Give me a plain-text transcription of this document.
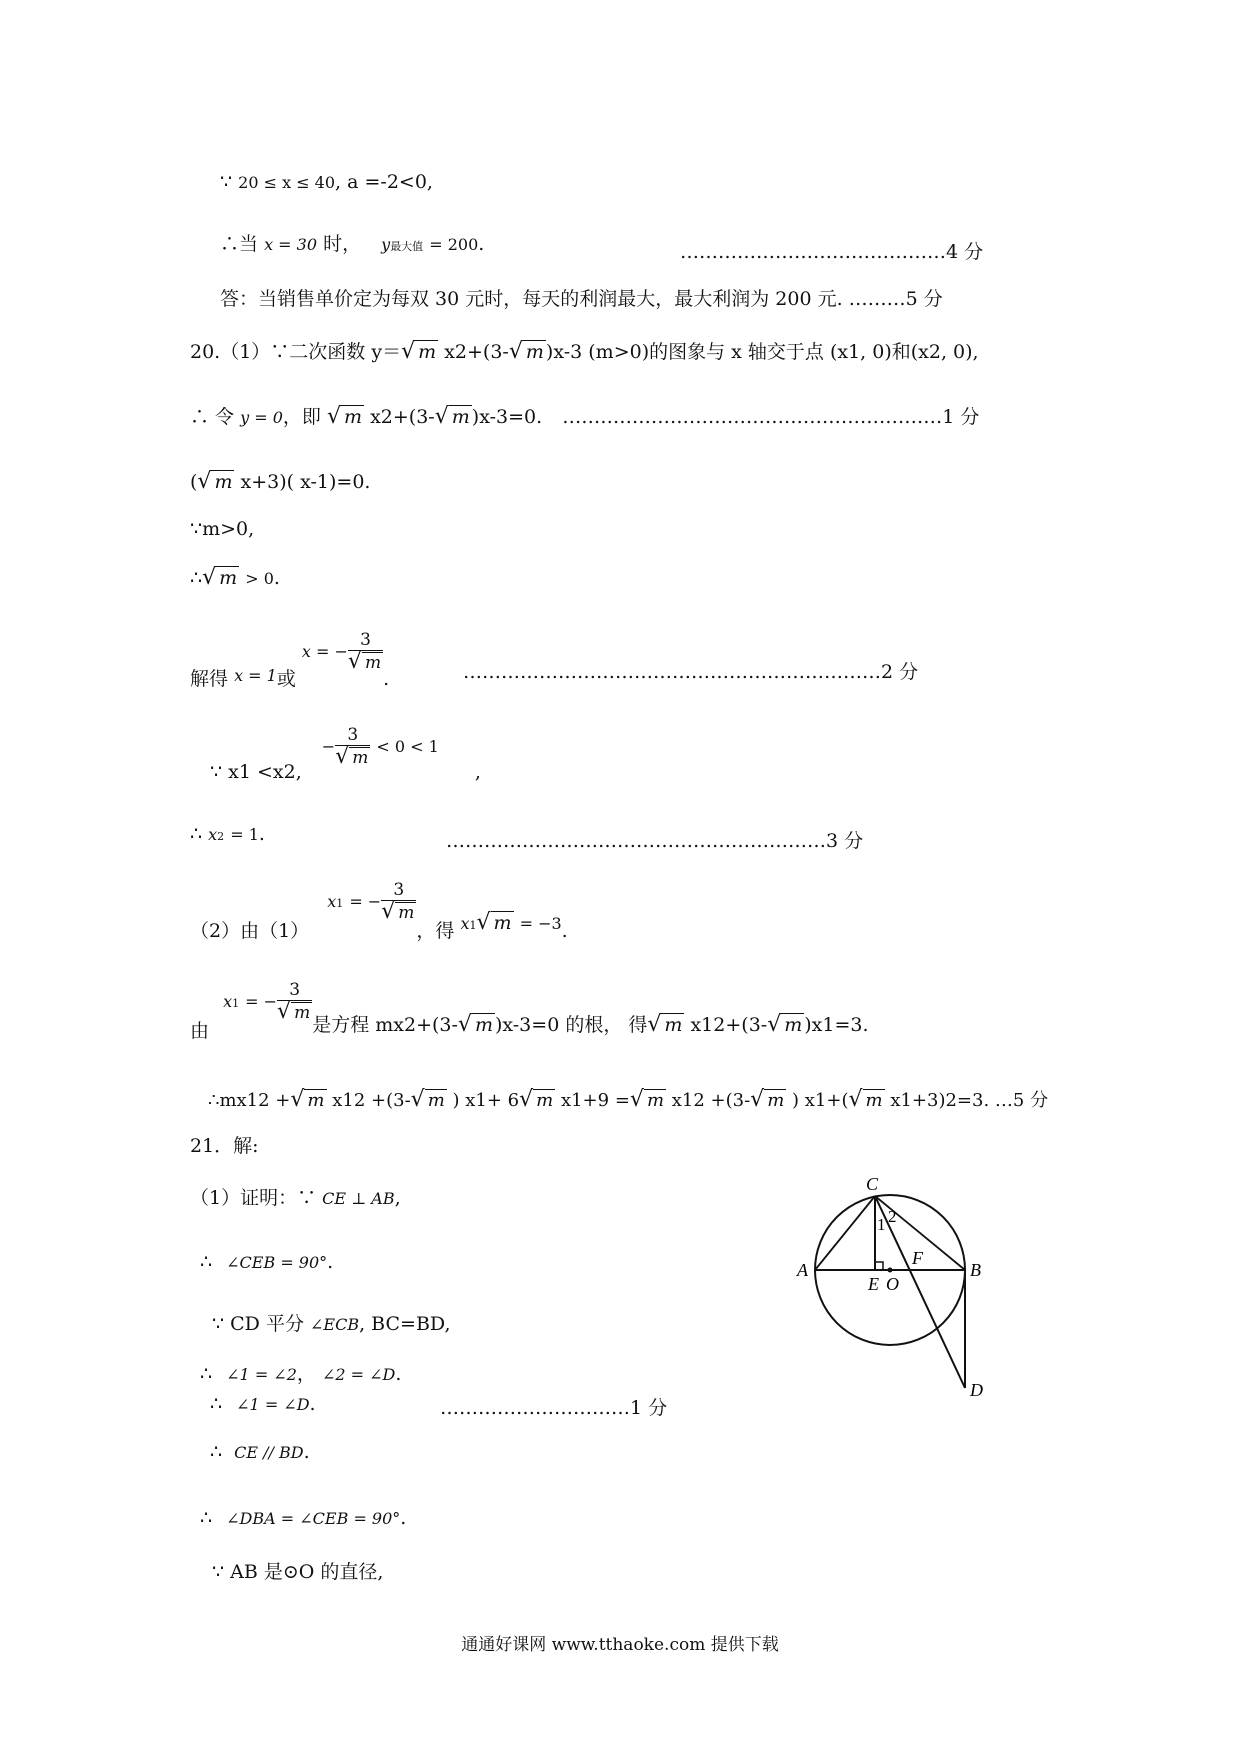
∵ 20 ≤ x ≤ 40, a =-2<0,
∴当 x = 30 时， y最大值 = 200.	……………………………………4 分
答：当销售单价定为每双 30 元时，每天的利润最大，最大利润为 200 元. ………5 分
20.（1）∵二次函数 y＝√ m x2+(3-√ m )x-3 (m>0)的图象与 x 轴交于点 (x1, 0)和(x2, 0),
∴ 令 y = 0，即 √ m x2+(3-√ m )x-3=0. ……………………………………………………1 分
(√ m x+3)( x-1)=0.
∵m>0,
∴√ m > 0.
解得 $_{x = 1}$或 x = − $\frac{3}{√ m}$
.	…………………………………………………………2 分
∵ x1 <x2, − $\frac{3}{√ m} < 0 < 1$ ,
∴ x2 = 1.	……………………………………………………3 分
（2）由（1） x1 = − $\frac{3}{√ m}$
，得 $_{x1}$√ m $_{= -3}$.
由 x1 = − $\frac{3}{√ m}$
是方程 mx2+(3-√ m )x-3=0 的根， 得√ m x12+(3-√ m )x1=3.
∴mx12 +√ m x12 +(3-√ m ) x1+ 6√ m x1+9 =√ m x12 +(3-√ m ) x1+(√ m x1+3)2=3. …5 分
21．解:
（1）证明：∵ CE ⊥ AB,
∴ ∠CEB = 90°.
∵ CD 平分 ∠ECB, BC=BD,
∴ ∠1 = ∠2， ∠2 = ∠D.
∴ ∠1 = ∠D.	…………………………1 分
∴ CE // BD.
∴ ∠DBA = ∠CEB = 90°.
∵ AB 是⊙O 的直径,
C
A	B
E O
F
D
1 2
通通好课网 www.tthaoke.com 提供下载
